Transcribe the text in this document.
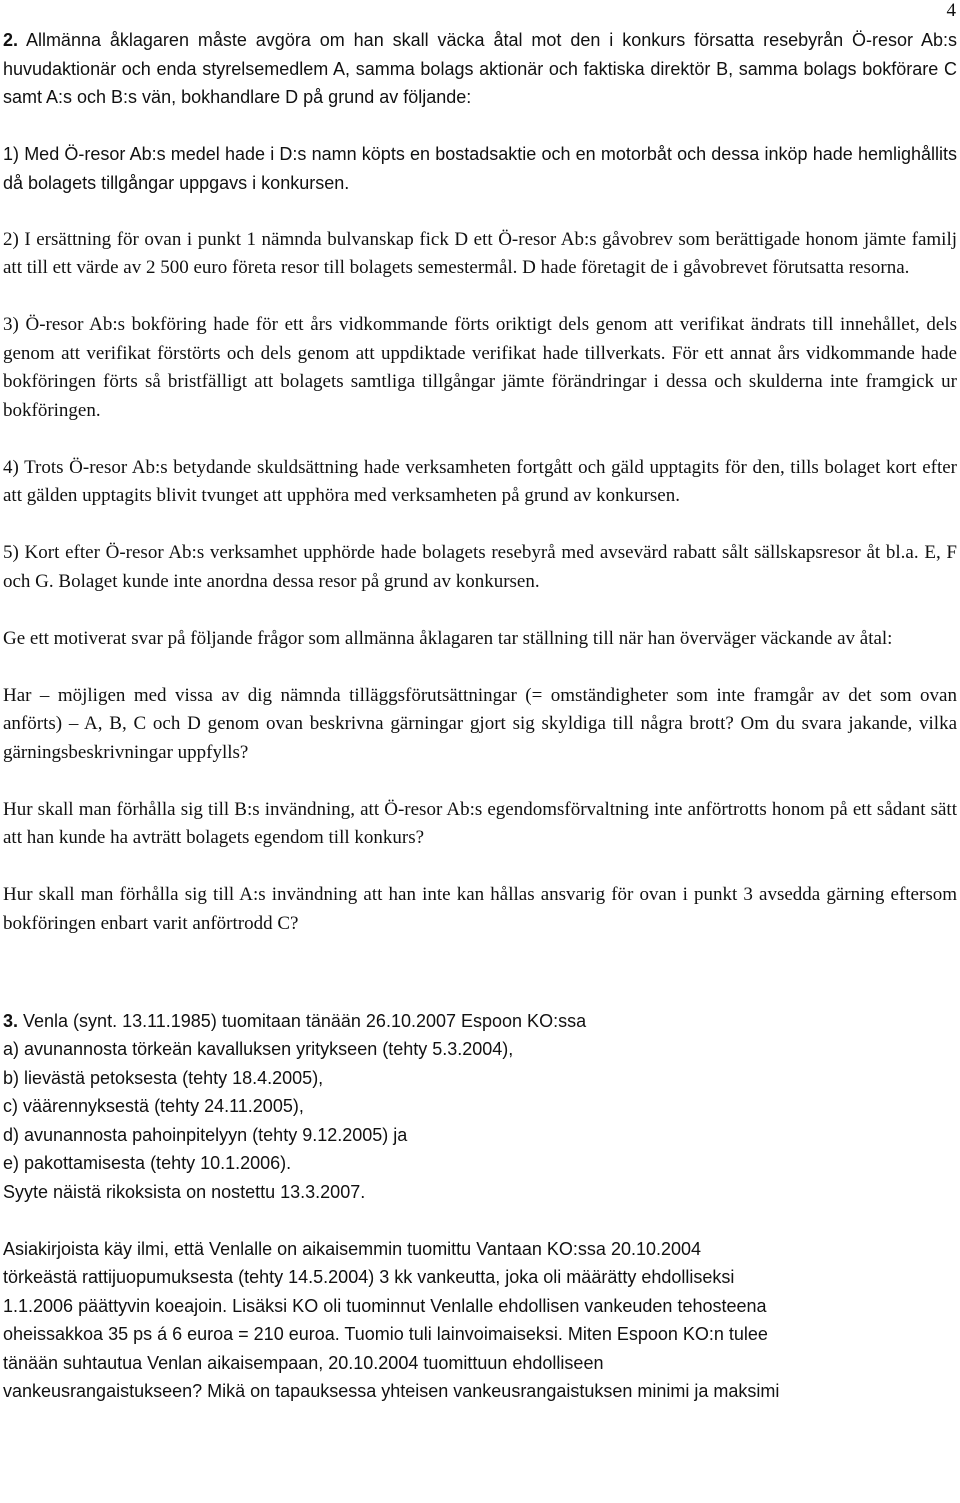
4

2. Allmänna åklagaren måste avgöra om han skall väcka åtal mot den i konkurs försatta resebyrån Ö-resor Ab:s huvudaktionär och enda styrelsemedlem A, samma bolags aktionär och faktiska direktör B, samma bolags bokförare C samt A:s och B:s vän, bokhandlare D på grund av följande:

1) Med Ö-resor Ab:s medel hade i D:s namn köpts en bostadsaktie och en motorbåt och dessa inköp hade hemlighållits då bolagets tillgångar uppgavs i konkursen.

2) I ersättning för ovan i punkt 1 nämnda bulvanskap fick D ett Ö-resor Ab:s gåvobrev som berättigade honom jämte familj att till ett värde av 2 500 euro företa resor till bolagets semestermål. D hade företagit de i gåvobrevet förutsatta resorna.

3) Ö-resor Ab:s bokföring hade för ett års vidkommande förts oriktigt dels genom att verifikat ändrats till innehållet, dels genom att verifikat förstörts och dels genom att uppdiktade verifikat hade tillverkats. För ett annat års vidkommande hade bokföringen förts så bristfälligt att bolagets samtliga tillgångar jämte förändringar i dessa och skulderna inte framgick ur bokföringen.

4) Trots Ö-resor Ab:s betydande skuldsättning hade verksamheten fortgått och gäld upptagits för den, tills bolaget kort efter att gälden upptagits blivit tvunget att upphöra med verksamheten på grund av konkursen.

5) Kort efter Ö-resor Ab:s verksamhet upphörde hade bolagets resebyrå med avsevärd rabatt sålt sällskapsresor åt bl.a. E, F och G. Bolaget kunde inte anordna dessa resor på grund av konkursen.

Ge ett motiverat svar på följande frågor som allmänna åklagaren tar ställning till när han överväger väckande av åtal:

Har – möjligen med vissa av dig nämnda tilläggsförutsättningar (= omständigheter som inte framgår av det som ovan anförts) – A, B, C och D genom ovan beskrivna gärningar gjort sig skyldiga till några brott? Om du svara jakande, vilka gärningsbeskrivningar uppfylls?

Hur skall man förhålla sig till B:s invändning, att Ö-resor Ab:s egendomsförvaltning inte anförtrotts honom på ett sådant sätt att han kunde ha avträtt bolagets egendom till konkurs?

Hur skall man förhålla sig till A:s invändning att han inte kan hållas ansvarig för ovan i punkt 3 avsedda gärning eftersom bokföringen enbart varit anförtrodd C?

3. Venla (synt. 13.11.1985) tuomitaan tänään 26.10.2007 Espoon KO:ssa
a) avunannosta törkeän kavalluksen yritykseen (tehty 5.3.2004),
b) lievästä petoksesta (tehty 18.4.2005),
c) väärennyksestä (tehty 24.11.2005),
d) avunannosta pahoinpitelyyn (tehty 9.12.2005) ja
e) pakottamisesta (tehty 10.1.2006).
Syyte näistä rikoksista on nostettu 13.3.2007.

Asiakirjoista käy ilmi, että Venlalle on aikaisemmin tuomittu Vantaan KO:ssa 20.10.2004
törkeästä rattijuopumuksesta (tehty 14.5.2004) 3 kk vankeutta, joka oli määrätty ehdolliseksi
1.1.2006 päättyvin koeajoin. Lisäksi KO oli tuominnut Venlalle ehdollisen vankeuden tehosteena
oheissakkoa 35 ps á 6 euroa = 210 euroa. Tuomio tuli lainvoimaiseksi. Miten Espoon KO:n tulee
tänään suhtautua Venlan aikaisempaan, 20.10.2004 tuomittuun ehdolliseen
vankeusrangaistukseen? Mikä on tapauksessa yhteisen vankeusrangaistuksen minimi ja maksimi
